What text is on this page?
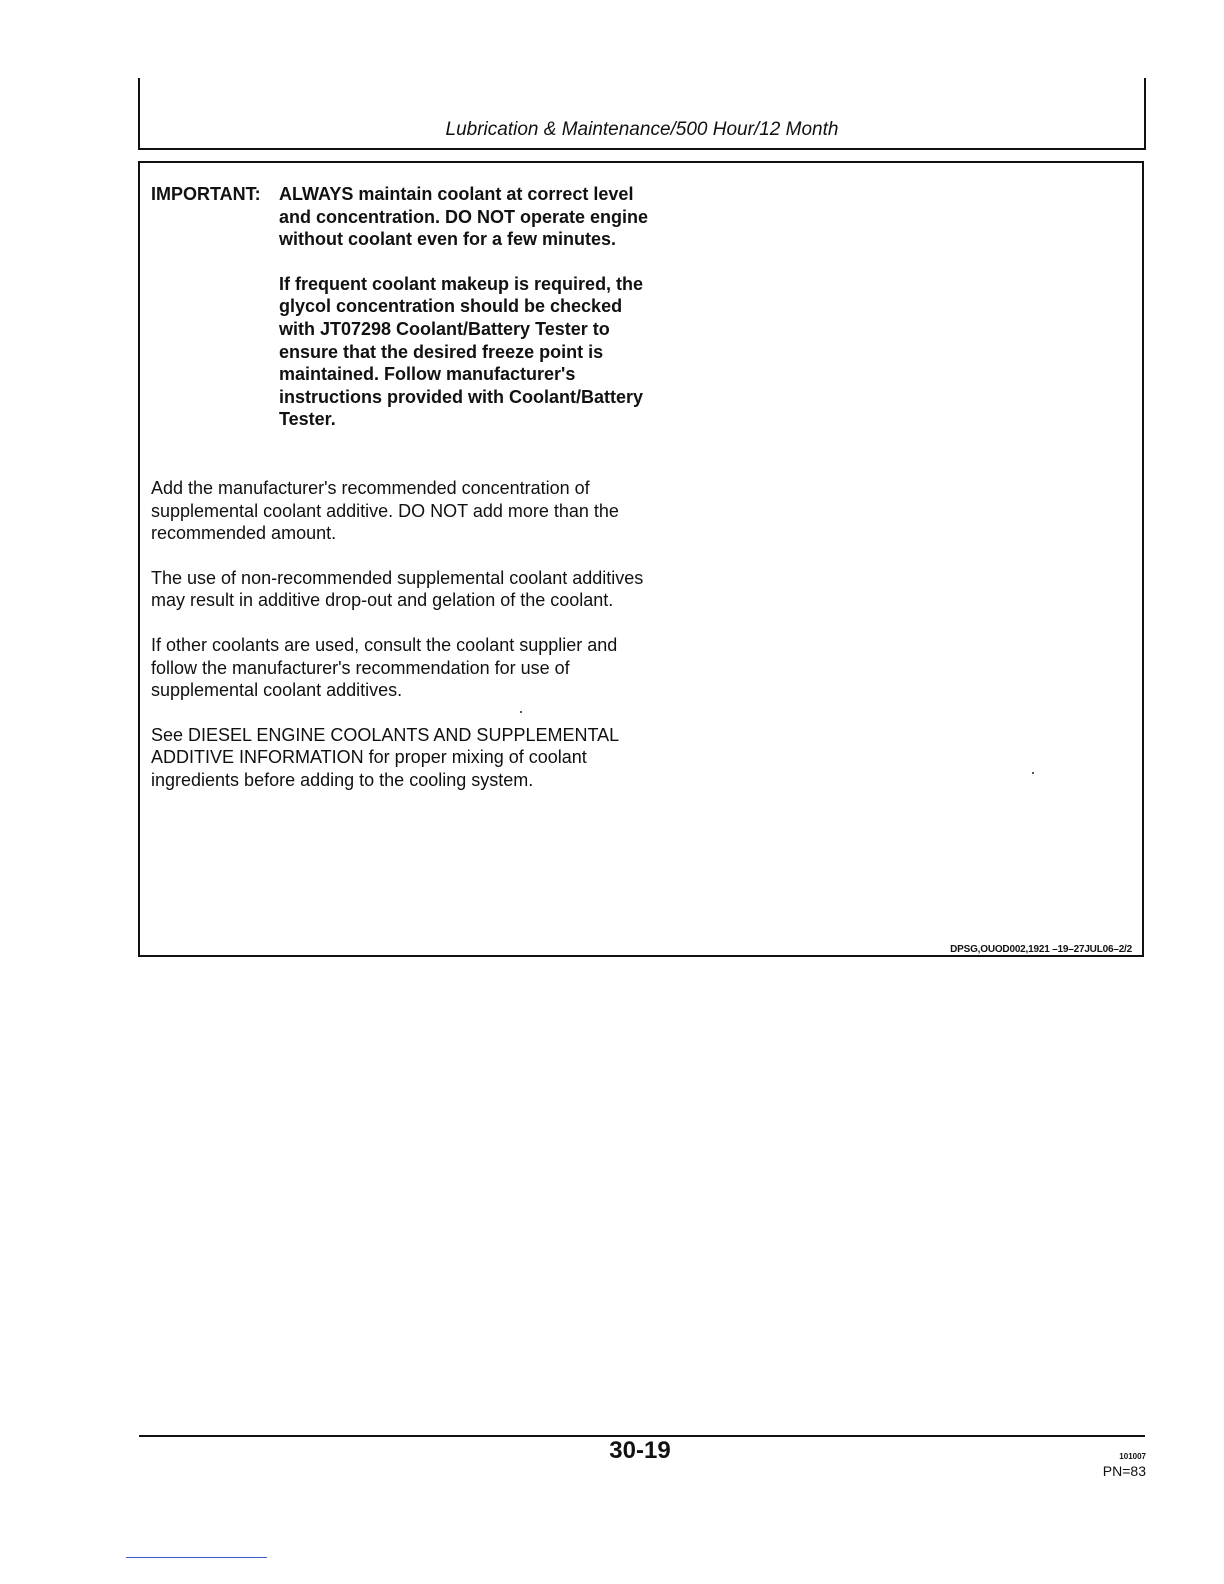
Lubrication & Maintenance/500 Hour/12 Month
IMPORTANT: ALWAYS maintain coolant at correct level and concentration. DO NOT operate engine without coolant even for a few minutes.

If frequent coolant makeup is required, the glycol concentration should be checked with JT07298 Coolant/Battery Tester to ensure that the desired freeze point is maintained. Follow manufacturer's instructions provided with Coolant/Battery Tester.

Add the manufacturer's recommended concentration of supplemental coolant additive. DO NOT add more than the recommended amount.

The use of non-recommended supplemental coolant additives may result in additive drop-out and gelation of the coolant.

If other coolants are used, consult the coolant supplier and follow the manufacturer's recommendation for use of supplemental coolant additives.

See DIESEL ENGINE COOLANTS AND SUPPLEMENTAL ADDITIVE INFORMATION for proper mixing of coolant ingredients before adding to the cooling system.

DPSG,OUOD002,1921 –19–27JUL06–2/2
30-19	101007
PN=83
